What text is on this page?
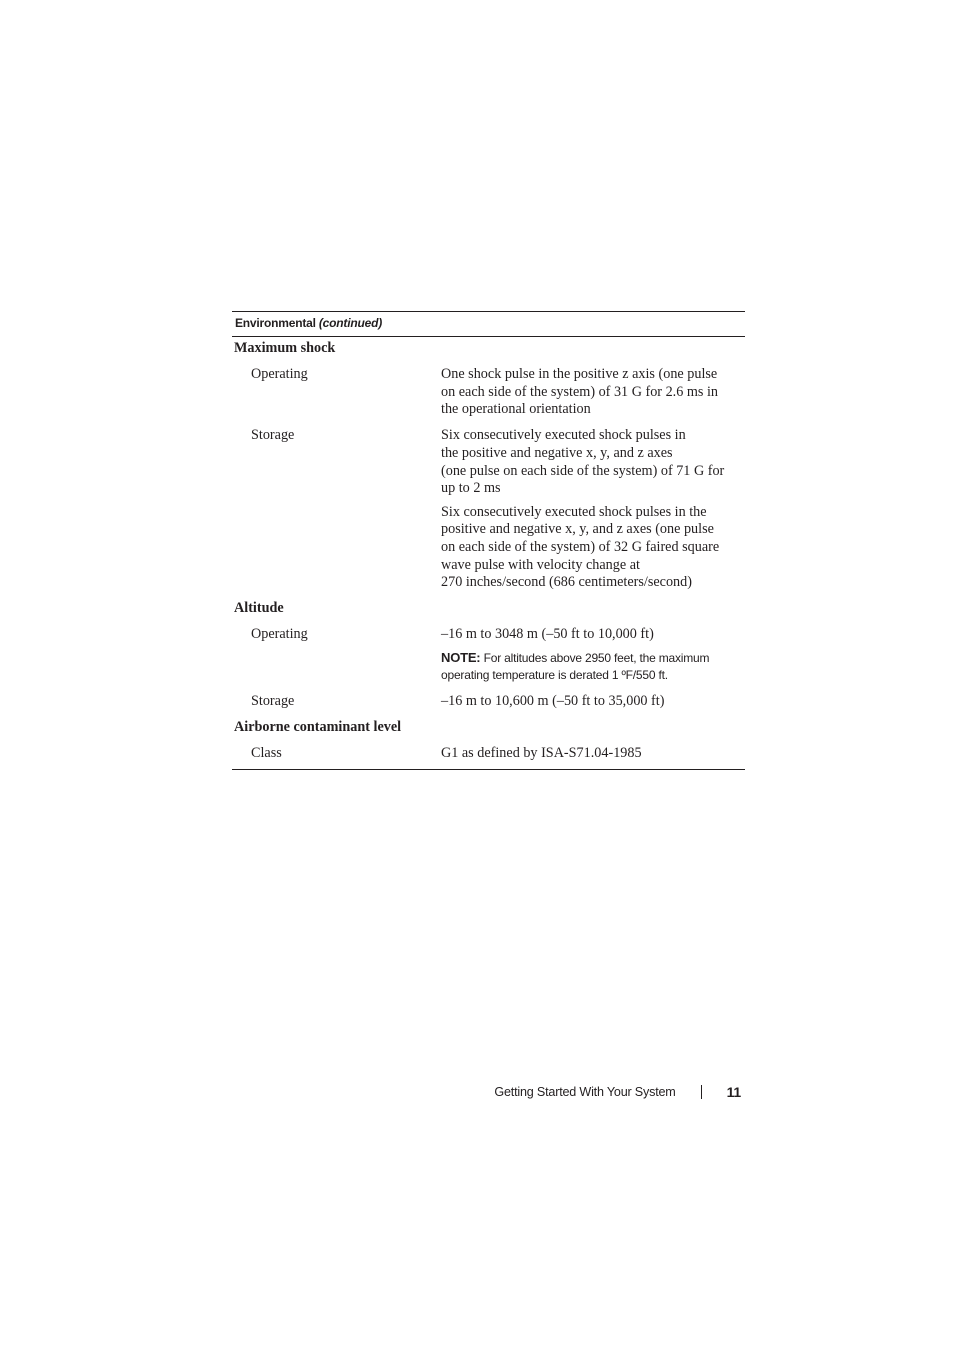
Environmental (continued)
Maximum shock
Operating	One shock pulse in the positive z axis (one pulse
on each side of the system) of 31 G for 2.6 ms in
the operational orientation
Storage	Six consecutively executed shock pulses in
the positive and negative x, y, and z axes
(one pulse on each side of the system) of 71 G for
up to 2 ms
Six consecutively executed shock pulses in the
positive and negative x, y, and z axes (one pulse
on each side of the system) of 32 G faired square
wave pulse with velocity change at
270 inches/second (686 centimeters/second)
Altitude
Operating	–16 m to 3048 m (–50 ft to 10,000 ft)
NOTE: For altitudes above 2950 feet, the maximum
operating temperature is derated 1 ºF/550 ft.
Storage	–16 m to 10,600 m (–50 ft to 35,000 ft)
Airborne contaminant level
Class	G1 as defined by ISA-S71.04-1985
Getting Started With Your System	11
